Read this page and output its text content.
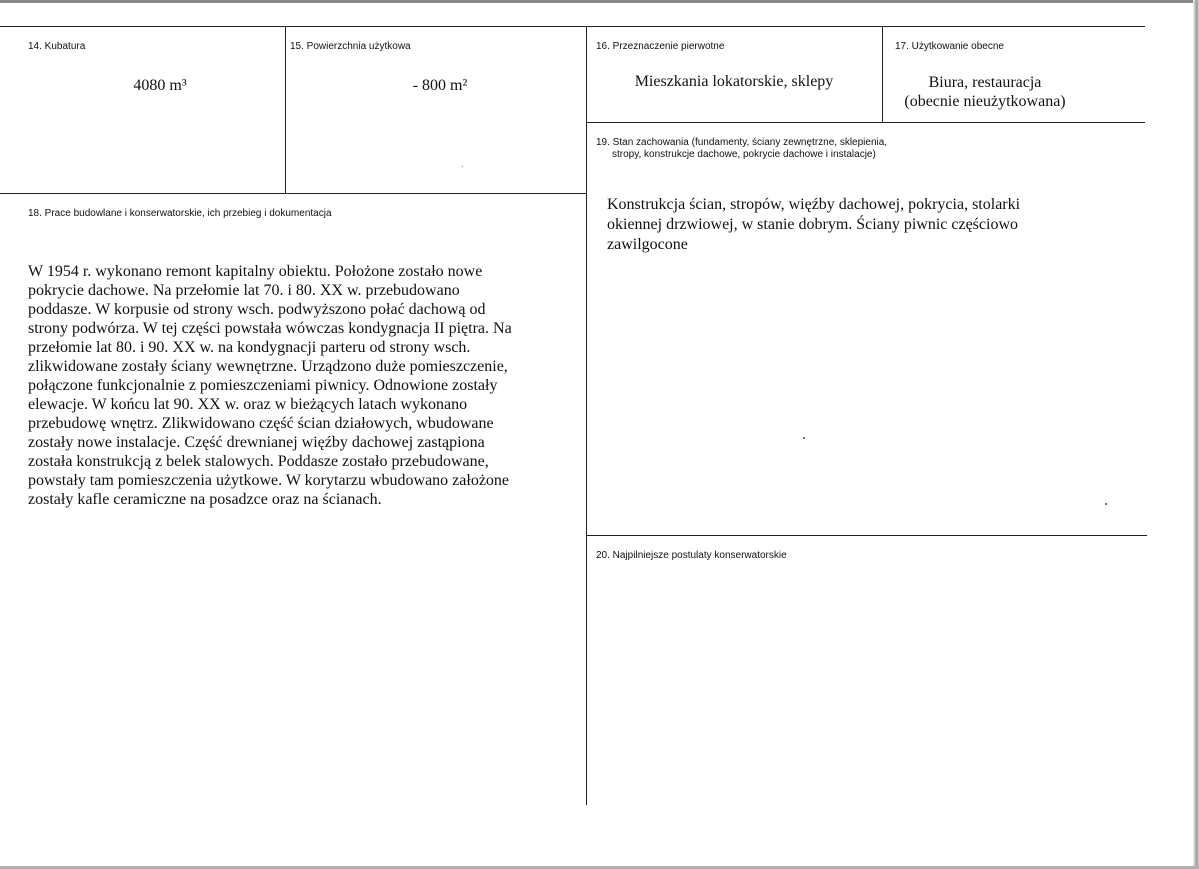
14. Kubatura
4080 m³
15. Powierzchnia użytkowa
- 800 m²
16. Przeznaczenie pierwotne
Mieszkania lokatorskie, sklepy
17. Użytkowanie obecne
Biura, restauracja
(obecnie nieużytkowana)
19. Stan zachowania (fundamenty, ściany zewnętrzne, sklepienia,
stropy, konstrukcje dachowe, pokrycie dachowe i instalacje)
Konstrukcja ścian, stropów, więźby dachowej, pokrycia, stolarki
okiennej drzwiowej, w stanie dobrym. Ściany piwnic częściowo
zawilgocone
18. Prace budowlane i konserwatorskie, ich przebieg i dokumentacja
W 1954 r. wykonano remont kapitalny obiektu. Położone zostało nowe
pokrycie dachowe. Na przełomie lat 70. i 80. XX w. przebudowano
poddasze. W korpusie od strony wsch. podwyższono połać dachową od
strony podwórza. W tej części powstała wówczas kondygnacja II piętra. Na
przełomie lat 80. i 90. XX w. na kondygnacji parteru od strony wsch.
zlikwidowane zostały ściany wewnętrzne. Urządzono duże pomieszczenie,
połączone funkcjonalnie z pomieszczeniami piwnicy. Odnowione zostały
elewacje. W końcu lat 90. XX w. oraz w bieżących latach wykonano
przebudowę wnętrz. Zlikwidowano część ścian działowych, wbudowane
zostały nowe instalacje. Część drewnianej więźby dachowej zastąpiona
została konstrukcją z belek stalowych. Poddasze zostało przebudowane,
powstały tam pomieszczenia użytkowe. W korytarzu wbudowano założone
zostały kafle ceramiczne na posadzce oraz na ścianach.
20. Najpilniejsze postulaty konserwatorskie
